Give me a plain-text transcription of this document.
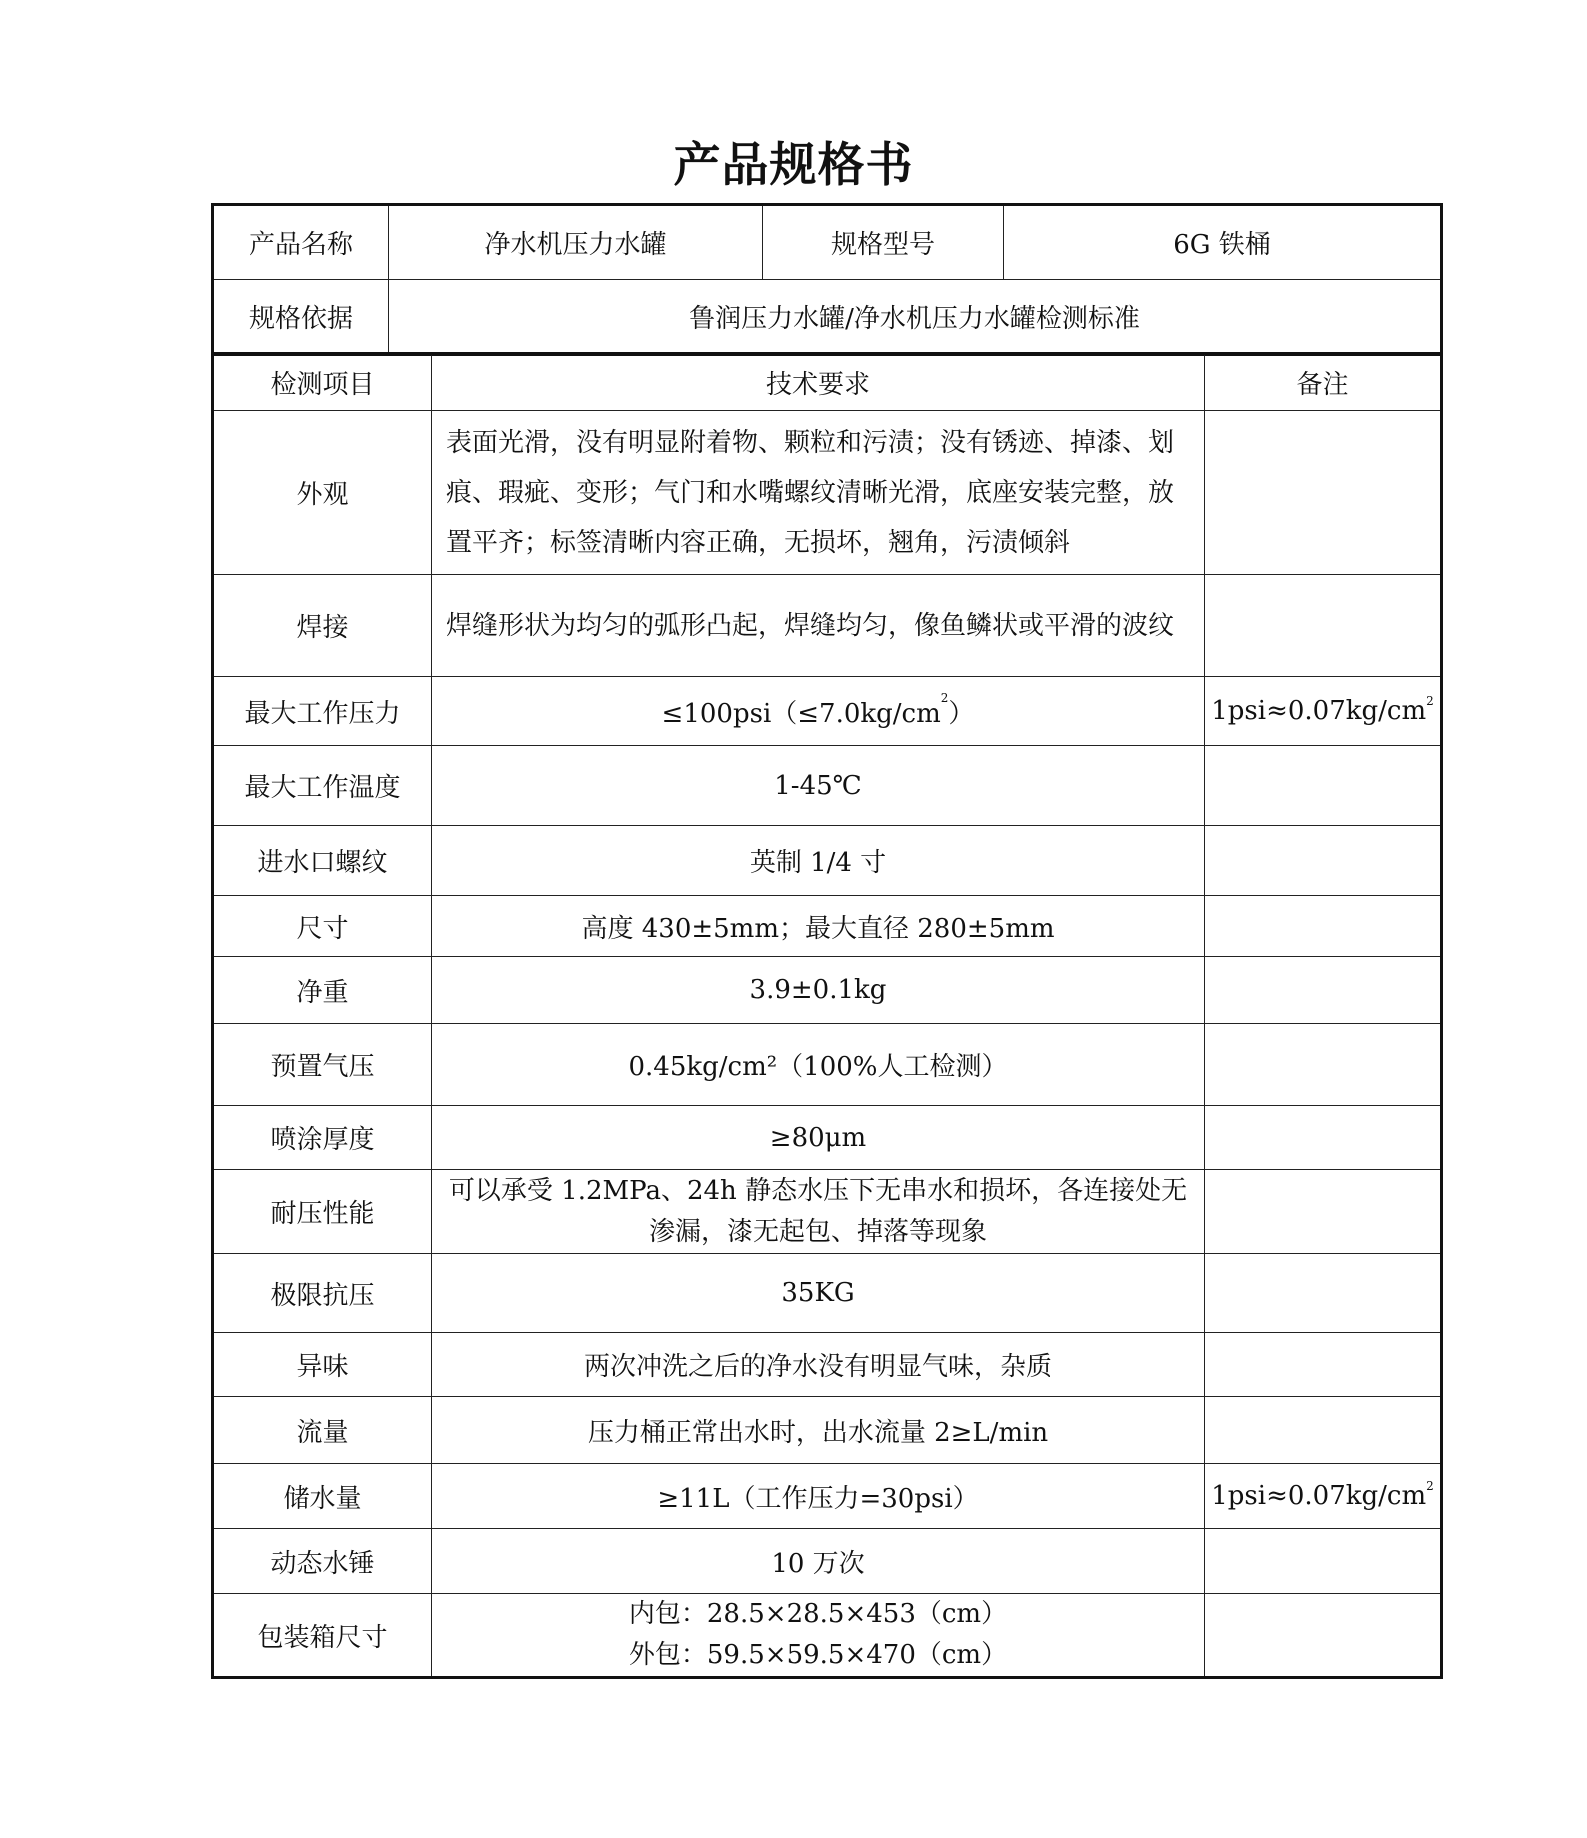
产品规格书
产品名称	净水机压力水罐	规格型号	6G 铁桶
规格依据	鲁润压力水罐/净水机压力水罐检测标准		
检测项目	技术要求	备注
外观	表面光滑，没有明显附着物、颗粒和污渍；没有锈迹、掉漆、划痕、瑕疵、变形；气门和水嘴螺纹清晰光滑，底座安装完整，放置平齐；标签清晰内容正确，无损坏，翘角，污渍倾斜	
焊接	焊缝形状为均匀的弧形凸起，焊缝均匀，像鱼鳞状或平滑的波纹	
最大工作压力	$\le 100psi(\le 7.0kg/cm^2)$	$1psi\approx 0.07kg/cm^2$
最大工作温度	1-45℃	
进水口螺纹	英制 1/4 寸	
尺寸	高度 430±5mm；最大直径 280±5mm	
净重	3.9±0.1kg	
预置气压	0.45kg/cm²（100%人工检测）	
喷涂厚度	≥80μm	
耐压性能	可以承受 1.2MPa、24h 静态水压下无串水和损坏，各连接处无
渗漏，漆无起包、掉落等现象	

极限抗压	35KG	
异味	两次冲洗之后的净水没有明显气味，杂质	
流量	压力桶正常出水时，出水流量 2≥L/min	
储水量	≥11L（工作压力=30psi）	$1psi\approx 0.07kg/cm^2$
动态水锤	10 万次	
包装箱尺寸	内包：28.5×28.5×453（cm）
外包：59.5×59.5×470（cm）	
